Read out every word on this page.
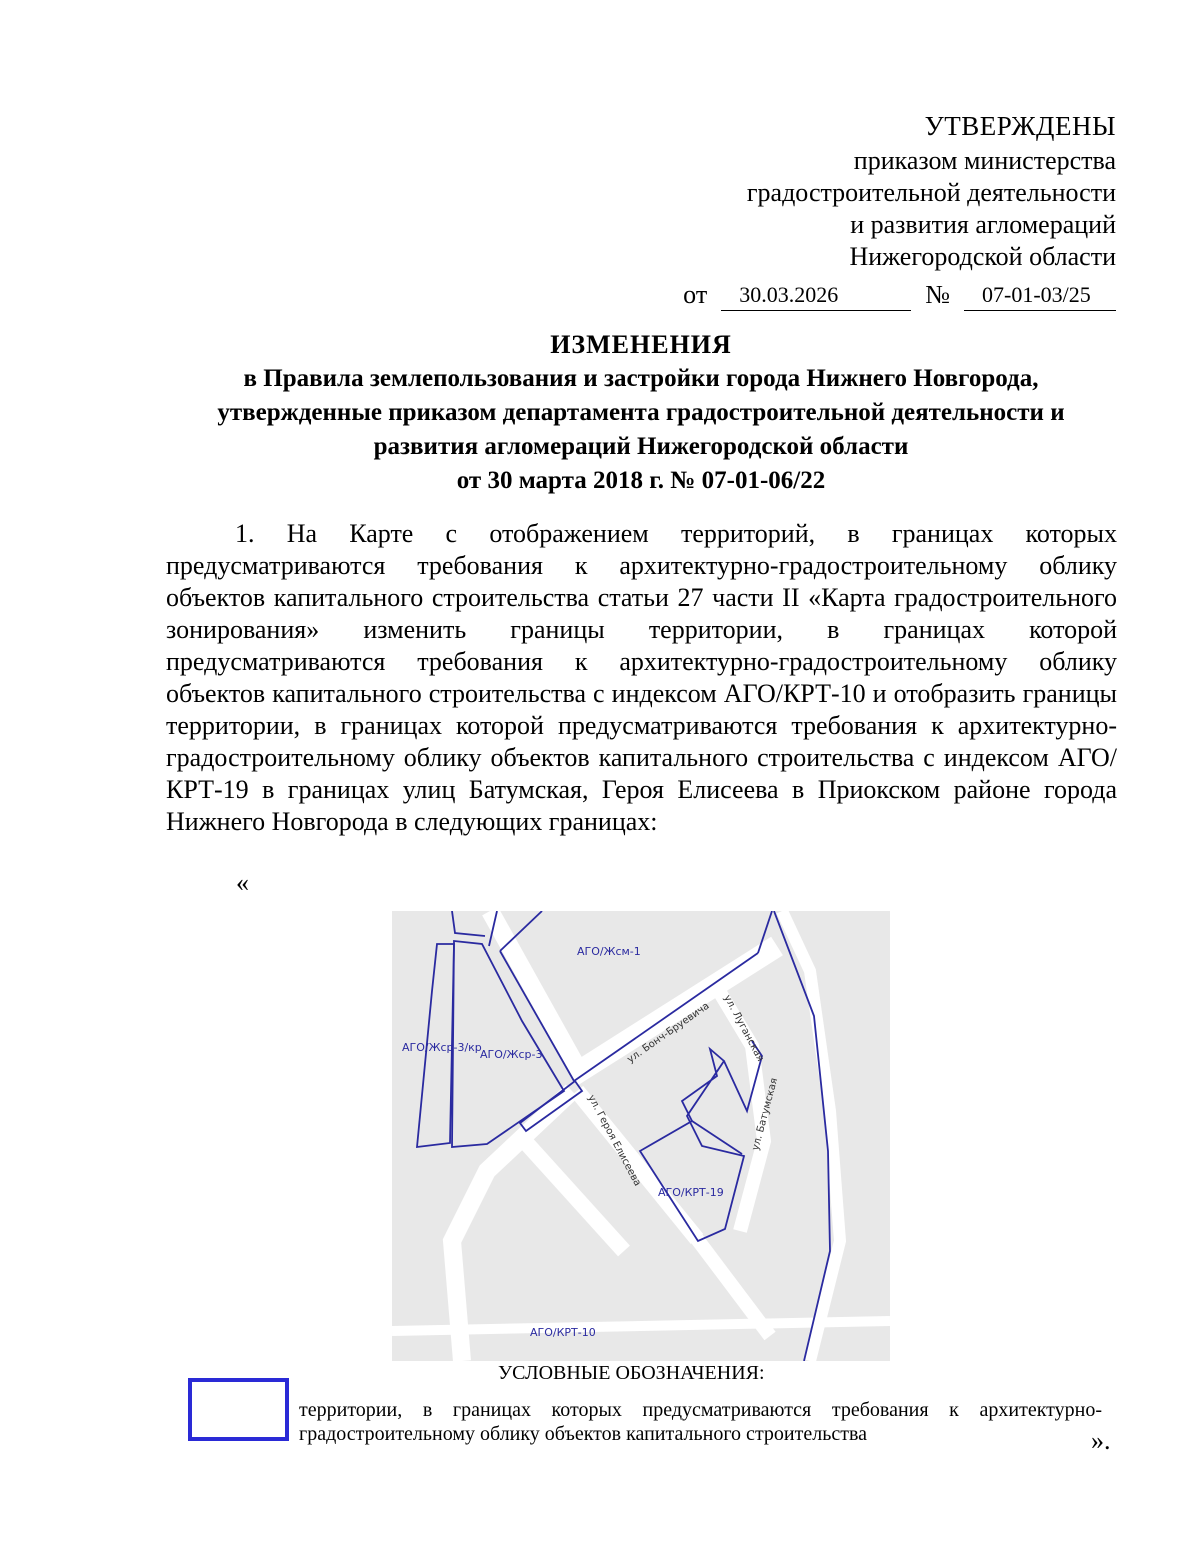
УТВЕРЖДЕНЫ
приказом министерства
градостроительной деятельности
и развития агломераций
Нижегородской области
от 30.03.2026	№ 07-01-03/25
ИЗМЕНЕНИЯ
в Правила землепользования и застройки города Нижнего Новгорода,
утвержденные приказом департамента градостроительной деятельности и
развития агломераций Нижегородской области
от 30 марта 2018 г. № 07-01-06/22
1. На Карте с отображением территорий, в границах которых предусматриваются требования к архитектурно-градостроительному облику объектов капитального строительства статьи 27 части II «Карта градостроительного зонирования» изменить границы территории, в границах которой предусматриваются требования к архитектурно-градостроительному облику объектов капитального строительства с индексом АГО/КРТ-10 и отобразить границы территории, в границах которой предусматриваются требования к архитектурно-градостроительному облику объектов капитального строительства с индексом АГО/КРТ-19 в границах улиц Батумская, Героя Елисеева в Приокском районе города Нижнего Новгорода в следующих границах:
«
АГО/Жсм-1
АГО/Жср-3/кр
АГО/Жср-3
АГО/КРТ-19
АГО/КРТ-10
ул. Бонч-Бруевича ул. Луганская
ул. Батумская
ул. Героя Елисеева
УСЛОВНЫЕ ОБОЗНАЧЕНИЯ:
территории, в границах которых предусматриваются требования к архитектурно-градостроительному облику объектов капитального строительства	».
